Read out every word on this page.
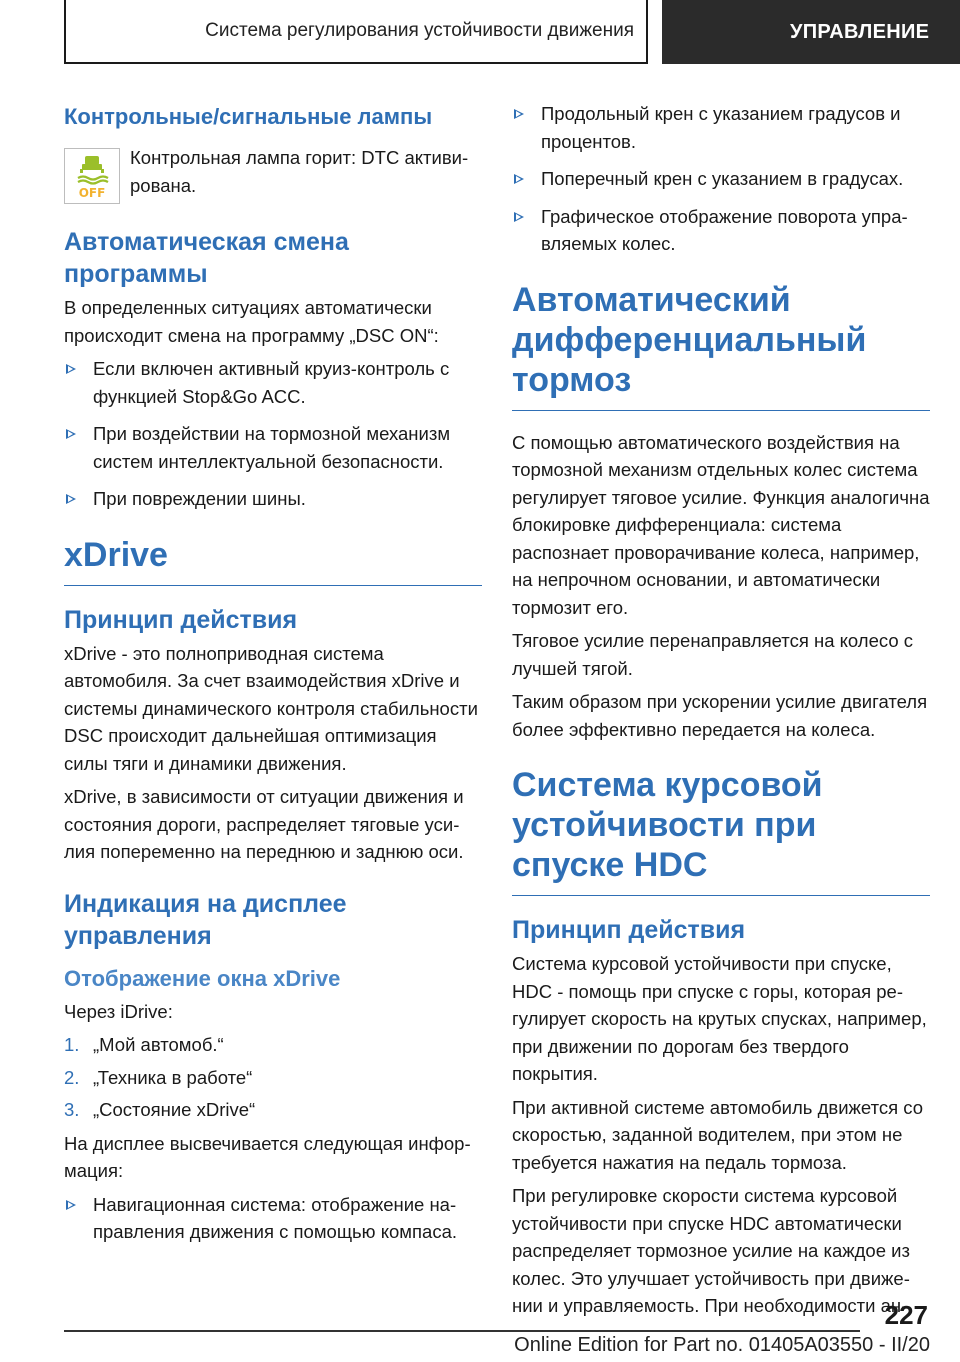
Система регулирования устойчивости движения	УПРАВЛЕНИЕ
Контрольные/сигнальные лампы
OFF
Контрольная лампа горит: DTC активирована.
Автоматическая смена программы

В определенных ситуациях автоматически происходит смена на программу „DSC ON“:

Если включен активный круиз-контроль с функцией Stop&Go ACC.
При воздействии на тормозной механизм систем интеллектуальной безопасности.
При повреждении шины.
xDrive
Принцип действия

xDrive - это полноприводная система автомобиля. За счет взаимодействия xDrive и системы динамического контроля стабильности DSC происходит дальнейшая оптимизация силы тяги и динамики движения.

xDrive, в зависимости от ситуации движения и состояния дороги, распределяет тяговые усилия попеременно на переднюю и заднюю оси.

Индикация на дисплее управления
Отображение окна xDrive

Через iDrive:

1. „Мой автомоб.“
2. „Техника в работе“
3. „Состояние xDrive“

На дисплее высвечивается следующая информация:

Навигационная система: отображение направления движения с помощью компаса.
Продольный крен с указанием градусов и процентов.
Поперечный крен с указанием в градусах.
Графическое отображение поворота управляемых колес.
Автоматический дифференциальный тормоз

С помощью автоматического воздействия на тормозной механизм отдельных колес система регулирует тяговое усилие. Функция аналогична блокировке дифференциала: система распознает проворачивание колеса, например, на непрочном основании, и автоматически тормозит его.

Тяговое усилие перенаправляется на колесо с лучшей тягой.

Таким образом при ускорении усилие двигателя более эффективно передается на колеса.

Система курсовой устойчивости при спуске HDC
Принцип действия

Система курсовой устойчивости при спуске, HDC - помощь при спуске с горы, которая регулирует скорость на крутых спусках, например, при движении по дорогам без твердого покрытия.

При активной системе автомобиль движется со скоростью, заданной водителем, при этом не требуется нажатия на педаль тормоза.

При регулировке скорости система курсовой устойчивости при спуске HDC автоматически распределяет тормозное усилие на каждое из колес. Это улучшает устойчивость при движении и управляемость. При необходимости ан-

227
Online Edition for Part no. 01405A03550 - II/20
